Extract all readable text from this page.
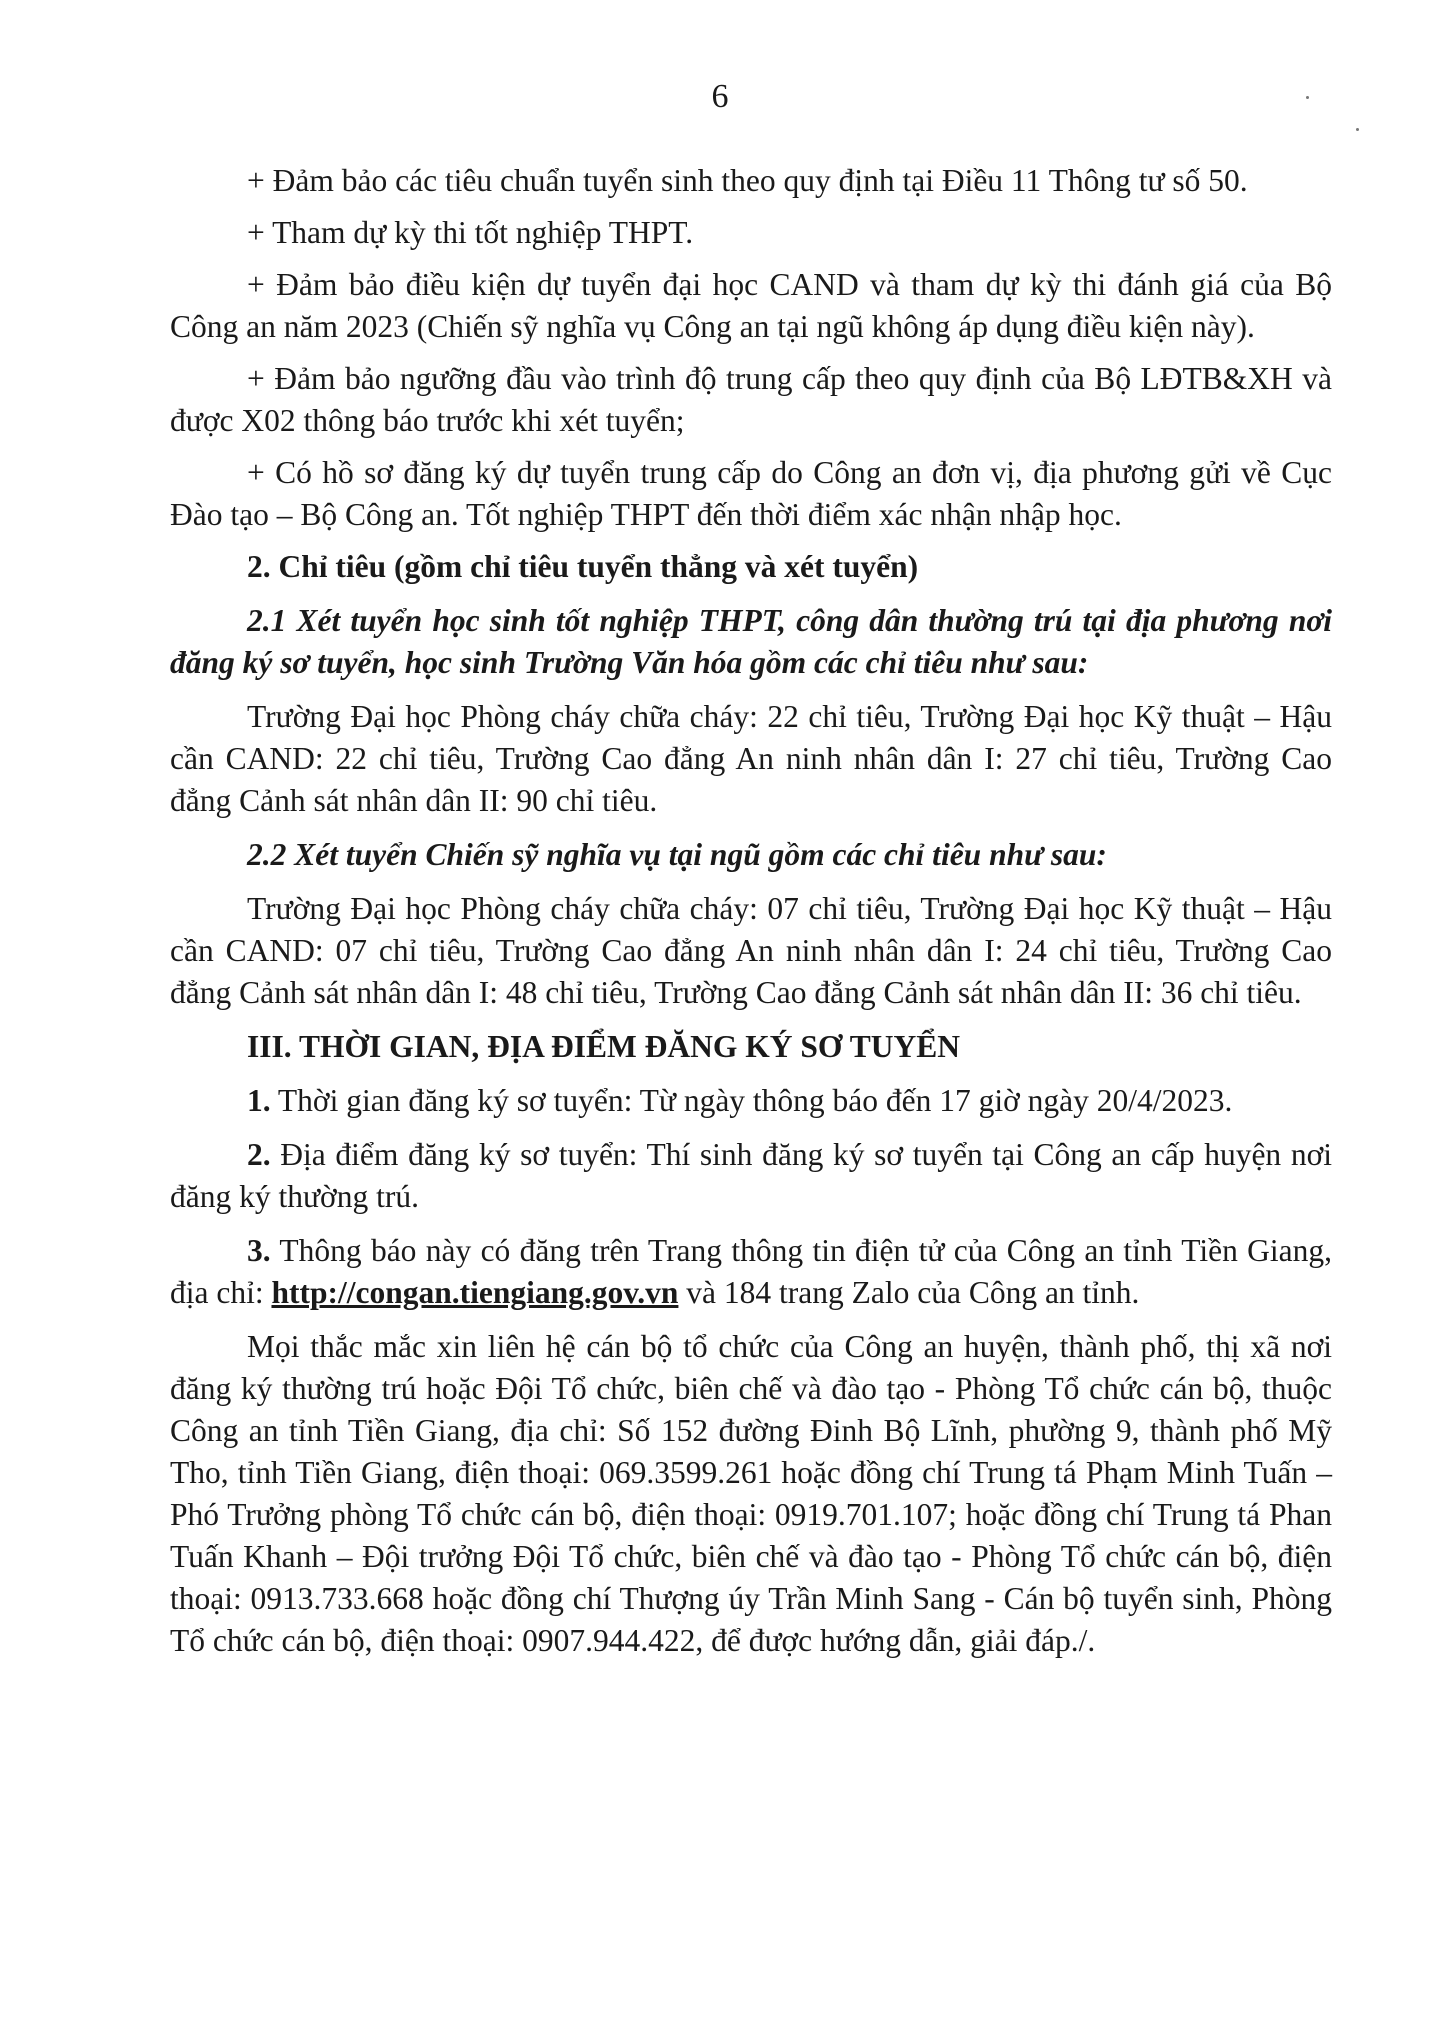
6

+ Đảm bảo các tiêu chuẩn tuyển sinh theo quy định tại Điều 11 Thông tư số 50.

+ Tham dự kỳ thi tốt nghiệp THPT.

+ Đảm bảo điều kiện dự tuyển đại học CAND và tham dự kỳ thi đánh giá của Bộ Công an năm 2023 (Chiến sỹ nghĩa vụ Công an tại ngũ không áp dụng điều kiện này).

+ Đảm bảo ngưỡng đầu vào trình độ trung cấp theo quy định của Bộ LĐTB&XH và được X02 thông báo trước khi xét tuyển;

+ Có hồ sơ đăng ký dự tuyển trung cấp do Công an đơn vị, địa phương gửi về Cục Đào tạo – Bộ Công an. Tốt nghiệp THPT đến thời điểm xác nhận nhập học.

2. Chỉ tiêu (gồm chỉ tiêu tuyển thẳng và xét tuyển)

2.1 Xét tuyển học sinh tốt nghiệp THPT, công dân thường trú tại địa phương nơi đăng ký sơ tuyển, học sinh Trường Văn hóa gồm các chỉ tiêu như sau:

Trường Đại học Phòng cháy chữa cháy: 22 chỉ tiêu, Trường Đại học Kỹ thuật – Hậu cần CAND: 22 chỉ tiêu, Trường Cao đẳng An ninh nhân dân I: 27 chỉ tiêu, Trường Cao đẳng Cảnh sát nhân dân II: 90 chỉ tiêu.

2.2 Xét tuyển Chiến sỹ nghĩa vụ tại ngũ gồm các chỉ tiêu như sau:

Trường Đại học Phòng cháy chữa cháy: 07 chỉ tiêu, Trường Đại học Kỹ thuật – Hậu cần CAND: 07 chỉ tiêu, Trường Cao đẳng An ninh nhân dân I: 24 chỉ tiêu, Trường Cao đẳng Cảnh sát nhân dân I: 48 chỉ tiêu, Trường Cao đẳng Cảnh sát nhân dân II: 36 chỉ tiêu.

III. THỜI GIAN, ĐỊA ĐIỂM ĐĂNG KÝ SƠ TUYỂN

1. Thời gian đăng ký sơ tuyển: Từ ngày thông báo đến 17 giờ ngày 20/4/2023.

2. Địa điểm đăng ký sơ tuyển: Thí sinh đăng ký sơ tuyển tại Công an cấp huyện nơi đăng ký thường trú.

3. Thông báo này có đăng trên Trang thông tin điện tử của Công an tỉnh Tiền Giang, địa chỉ: http://congan.tiengiang.gov.vn và 184 trang Zalo của Công an tỉnh.

Mọi thắc mắc xin liên hệ cán bộ tổ chức của Công an huyện, thành phố, thị xã nơi đăng ký thường trú hoặc Đội Tổ chức, biên chế và đào tạo - Phòng Tổ chức cán bộ, thuộc Công an tỉnh Tiền Giang, địa chỉ: Số 152 đường Đinh Bộ Lĩnh, phường 9, thành phố Mỹ Tho, tỉnh Tiền Giang, điện thoại: 069.3599.261 hoặc đồng chí Trung tá Phạm Minh Tuấn – Phó Trưởng phòng Tổ chức cán bộ, điện thoại: 0919.701.107; hoặc đồng chí Trung tá Phan Tuấn Khanh – Đội trưởng Đội Tổ chức, biên chế và đào tạo - Phòng Tổ chức cán bộ, điện thoại: 0913.733.668 hoặc đồng chí Thượng úy Trần Minh Sang - Cán bộ tuyển sinh, Phòng Tổ chức cán bộ, điện thoại: 0907.944.422, để được hướng dẫn, giải đáp./.
